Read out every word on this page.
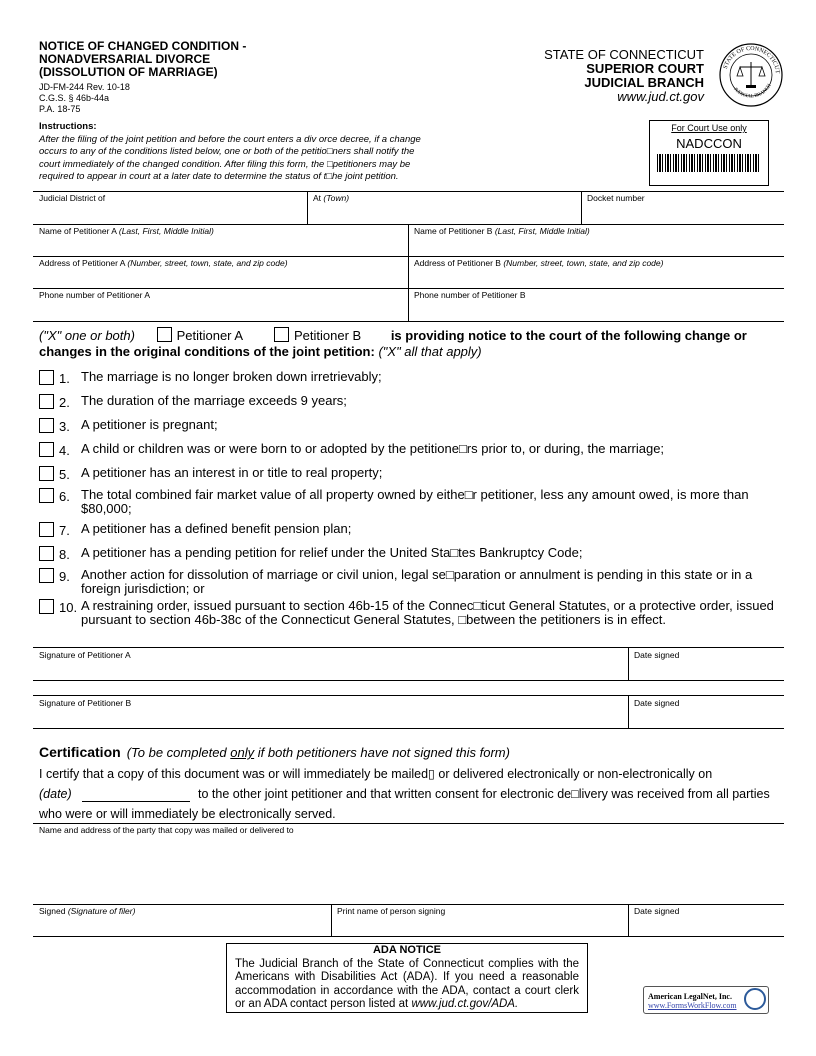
NOTICE OF CHANGED CONDITION -
NONADVERSARIAL DIVORCE
(DISSOLUTION OF MARRIAGE)
JD-FM-244 Rev. 10-18
C.G.S. § 46b-44a
P.A. 18-75
STATE OF CONNECTICUT
SUPERIOR COURT
JUDICIAL BRANCH
www.jud.ct.gov
STATE OF CONNECTICUT
JUDICIAL BRANCH
Instructions:
After the filing of the joint petition and before the court enters a div orce decree, if a change
occurs to any of the conditions listed below, one or both of the petitio□ners shall notify the
court immediately of the changed condition. After filing this form, the □petitioners may be
required to appear in court at a later date to determine the status of t□he joint petition.
For Court Use only
NADCCON
Judicial District of	At (Town)	Docket number
Name of Petitioner A (Last, First, Middle Initial)	Name of Petitioner B (Last, First, Middle Initial)
Address of Petitioner A (Number, street, town, state, and zip code)	Address of Petitioner B (Number, street, town, state, and zip code)
Phone number of Petitioner A	Phone number of Petitioner B
("X" one or both)	Petitioner A	Petitioner B is providing notice to the court of the following change or
changes in the original conditions of the joint petition: ("X" all that apply)
1. The marriage is no longer broken down irretrievably;
2. The duration of the marriage exceeds 9 years;
3. A petitioner is pregnant;
4. A child or children was or were born to or adopted by the petitione□rs prior to, or during, the marriage;
5. A petitioner has an interest in or title to real property;
6. The total combined fair market value of all property owned by eithe□r petitioner, less any amount owed, is more than $80,000;
7. A petitioner has a defined benefit pension plan;
8. A petitioner has a pending petition for relief under the United Sta□tes Bankruptcy Code;
9. Another action for dissolution of marriage or civil union, legal se□paration or annulment is pending in this state or in a foreign jurisdiction; or
10. A restraining order, issued pursuant to section 46b-15 of the Connec□ticut General Statutes, or a protective order, issued pursuant to section 46b-38c of the Connecticut General Statutes, □between the petitioners is in effect.
Signature of Petitioner A	Date signed
Signature of Petitioner B	Date signed
Certification (To be completed only if both petitioners have not signed this form)
I certify that a copy of this document was or will immediately be mailed▯ or delivered electronically or non-electronically on
(date)	to the other joint petitioner and that written consent for electronic de□livery was received from all parties
who were or will immediately be electronically served.
Name and address of the party that copy was mailed or delivered to
Signed (Signature of filer)	Print name of person signing	Date signed
ADA NOTICE
The Judicial Branch of the State of Connecticut complies with the Americans with Disabilities Act (ADA). If you need a reasonable accommodation in accordance with the ADA, contact a court clerk or an ADA contact person listed at www.jud.ct.gov/ADA.
American LegalNet, Inc.
www.FormsWorkFlow.com
